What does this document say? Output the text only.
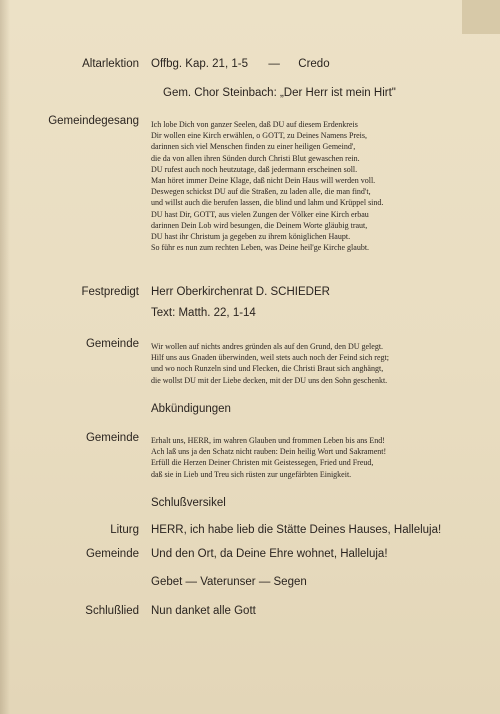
Altarlektion Offbg. Kap. 21, 1-5 — Credo
Gem. Chor Steinbach: „Der Herr ist mein Hirt"
Gemeindegesang Ich lobe Dich von ganzer Seelen, daß DU auf diesem Erdenkreis
Dir wollen eine Kirch erwählen, o GOTT, zu Deines Namens Preis,
darinnen sich viel Menschen finden zu einer heiligen Gemeind',
die da von allen ihren Sünden durch Christi Blut gewaschen rein.
DU rufest auch noch heutzutage, daß jedermann erscheinen soll.
Man höret immer Deine Klage, daß nicht Dein Haus will werden voll.
Deswegen schickst DU auf die Straßen, zu laden alle, die man find't,
und willst auch die berufen lassen, die blind und lahm und Krüppel sind.
DU hast Dir, GOTT, aus vielen Zungen der Völker eine Kirch erbau
darinnen Dein Lob wird besungen, die Deinem Worte gläubig traut,
DU hast ihr Christum ja gegeben zu ihrem königlichen Haupt.
So führ es nun zum rechten Leben, was Deine heil'ge Kirche glaubt.
Festpredigt Herr Oberkirchenrat D. SCHIEDER
Text: Matth. 22, 1-14
Gemeinde Wir wollen auf nichts andres gründen als auf den Grund, den DU gelegt.
Hilf uns aus Gnaden überwinden, weil stets auch noch der Feind sich regt;
und wo noch Runzeln sind und Flecken, die Christi Braut sich anghängt,
die wollst DU mit der Liebe decken, mit der DU uns den Sohn geschenkt.
Abkündigungen
Gemeinde Erhalt uns, HERR, im wahren Glauben und frommen Leben bis ans End!
Ach laß uns ja den Schatz nicht rauben: Dein heilig Wort und Sakrament!
Erfüll die Herzen Deiner Christen mit Geistessegen, Fried und Freud,
daß sie in Lieb und Treu sich rüsten zur ungefärbten Einigkeit.
Schlußversikel
Liturg HERR, ich habe lieb die Stätte Deines Hauses, Halleluja!
Gemeinde Und den Ort, da Deine Ehre wohnet, Halleluja!
Gebet — Vaterunser — Segen
Schlußlied Nun danket alle Gott
